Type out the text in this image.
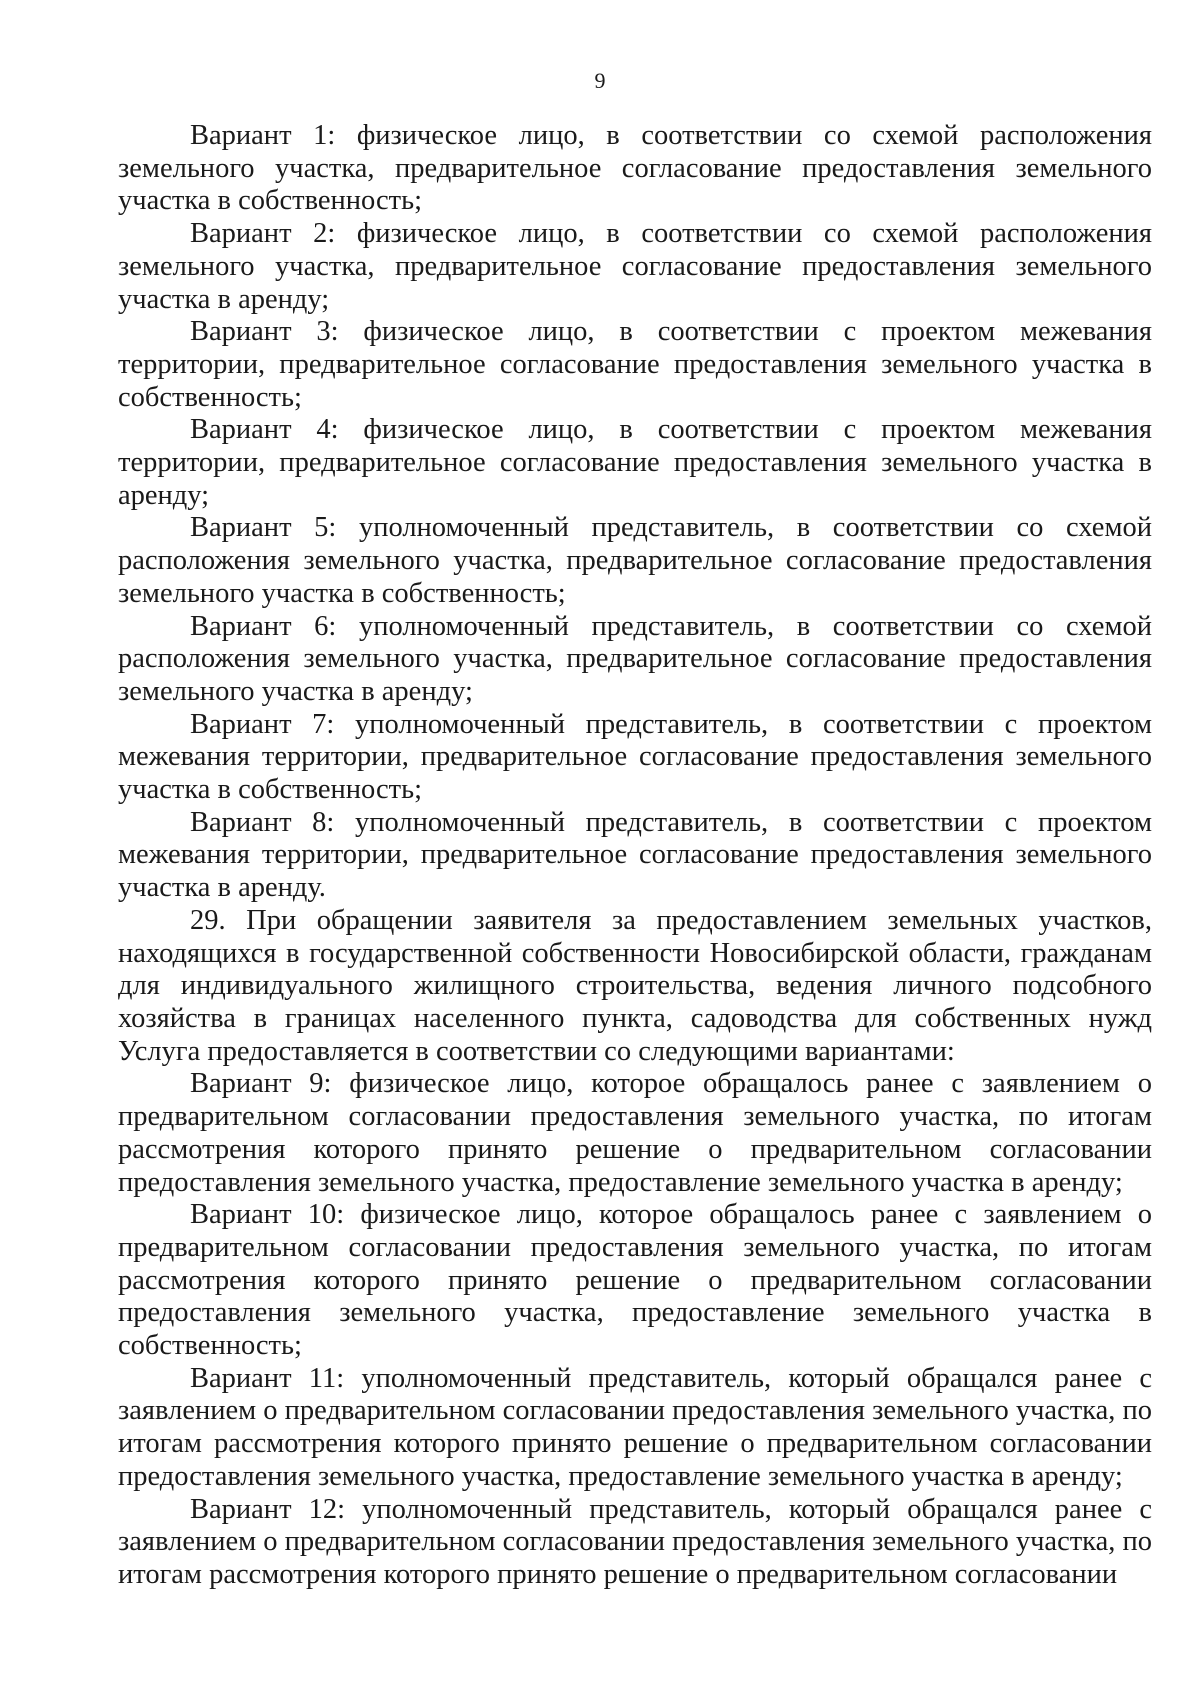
9

Вариант 1: физическое лицо, в соответствии со схемой расположения земельного участка, предварительное согласование предоставления земельного участка в собственность;

Вариант 2: физическое лицо, в соответствии со схемой расположения земельного участка, предварительное согласование предоставления земельного участка в аренду;

Вариант 3: физическое лицо, в соответствии с проектом межевания территории, предварительное согласование предоставления земельного участка в собственность;

Вариант 4: физическое лицо, в соответствии с проектом межевания территории, предварительное согласование предоставления земельного участка в аренду;

Вариант 5: уполномоченный представитель, в соответствии со схемой расположения земельного участка, предварительное согласование предоставления земельного участка в собственность;

Вариант 6: уполномоченный представитель, в соответствии со схемой расположения земельного участка, предварительное согласование предоставления земельного участка в аренду;

Вариант 7: уполномоченный представитель, в соответствии с проектом межевания территории, предварительное согласование предоставления земельного участка в собственность;

Вариант 8: уполномоченный представитель, в соответствии с проектом межевания территории, предварительное согласование предоставления земельного участка в аренду.

29. При обращении заявителя за предоставлением земельных участков, находящихся в государственной собственности Новосибирской области, гражданам для индивидуального жилищного строительства, ведения личного подсобного хозяйства в границах населенного пункта, садоводства для собственных нужд Услуга предоставляется в соответствии со следующими вариантами:

Вариант 9: физическое лицо, которое обращалось ранее с заявлением о предварительном согласовании предоставления земельного участка, по итогам рассмотрения которого принято решение о предварительном согласовании предоставления земельного участка, предоставление земельного участка в аренду;

Вариант 10: физическое лицо, которое обращалось ранее с заявлением о предварительном согласовании предоставления земельного участка, по итогам рассмотрения которого принято решение о предварительном согласовании предоставления земельного участка, предоставление земельного участка в собственность;

Вариант 11: уполномоченный представитель, который обращался ранее с заявлением о предварительном согласовании предоставления земельного участка, по итогам рассмотрения которого принято решение о предварительном согласовании предоставления земельного участка, предоставление земельного участка в аренду;

Вариант 12: уполномоченный представитель, который обращался ранее с заявлением о предварительном согласовании предоставления земельного участка, по итогам рассмотрения которого принято решение о предварительном согласовании
